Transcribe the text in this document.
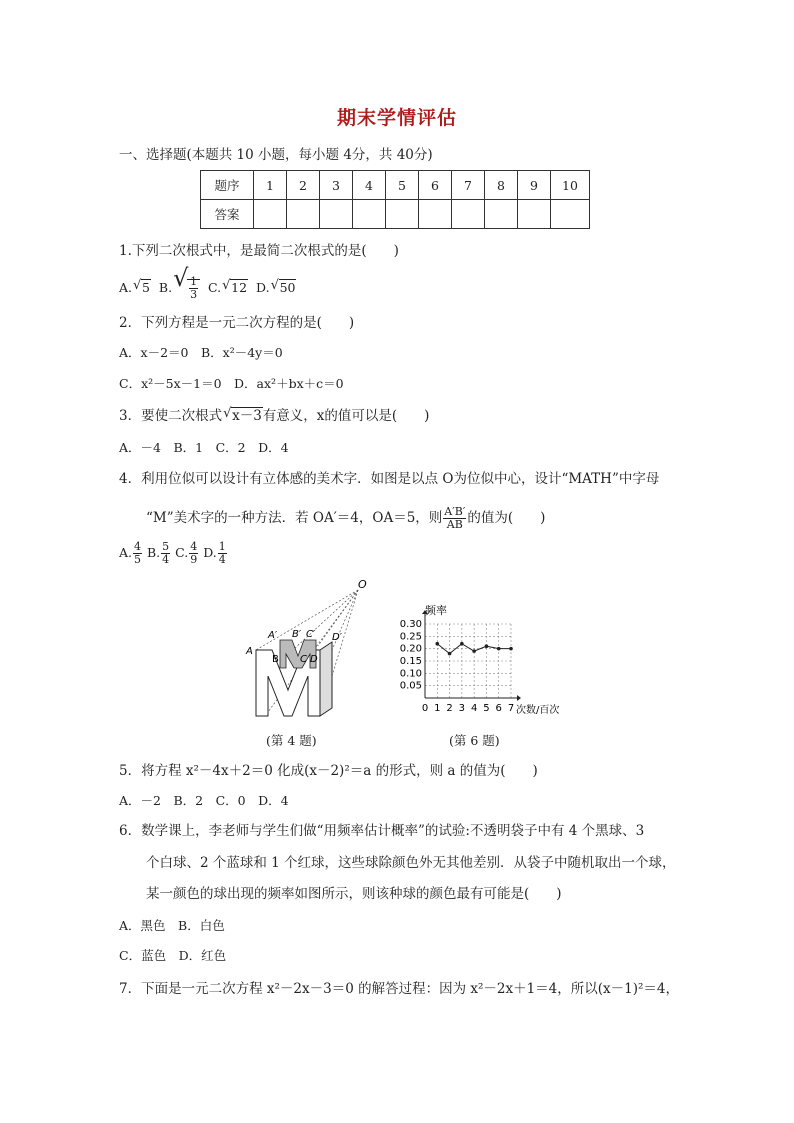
期末学情评估
一、选择题(本题共 10 小题，每小题 4分，共 40分)
题序	1	2	3	4	5	6	7	8	9	10
答案										
1.下列二次根式中，是最简二次根式的是(　　)
A. √ 5 B. √ $\frac{1}{3} C$. √ 12 D. √ 50
2．下列方程是一元二次方程的是(　　)
A．x－2＝0　B．x²－4y＝0
C．x²－5x－1＝0　D．ax²＋bx＋c＝0
3．要使二次根式 √ x－3有意义，x的值可以是(　　)
A．－4　B．1　C．2　D．4
4．利用位似可以设计有立体感的美术字．如图是以点 O为位似中心，设计“MATH”中字母
“M”美术字的一种方法．若 OA′＝4，OA＝5，则 $\frac{A'B'}{AB}$ 的值为(　　)
A. $\frac{4}{5} B$. $\frac{5}{4} C$. $\frac{4}{9} D$. $\frac{1}{4}$
O
A
A′
B
B′
C
C′
D
D′
(第 4 题)
0.05
0.10
0.15
0.20
0.25
0.30
0 1 2 3 4 5 6 7
频率
次数/百次
(第 6 题)
5．将方程 x²－4x＋2＝0 化成(x－2)²＝a 的形式，则 a 的值为(　　)
A．－2　B．2　C．0　D．4
6．数学课上，李老师与学生们做“用频率估计概率”的试验:不透明袋子中有 4 个黑球、3
个白球、2 个蓝球和 1 个红球，这些球除颜色外无其他差别．从袋子中随机取出一个球，
某一颜色的球出现的频率如图所示，则该种球的颜色最有可能是(　　)
A．黑色　B．白色
C．蓝色　D．红色
7．下面是一元二次方程 x²－2x－3＝0 的解答过程：因为 x²－2x＋1＝4，所以(x－1)²＝4，
